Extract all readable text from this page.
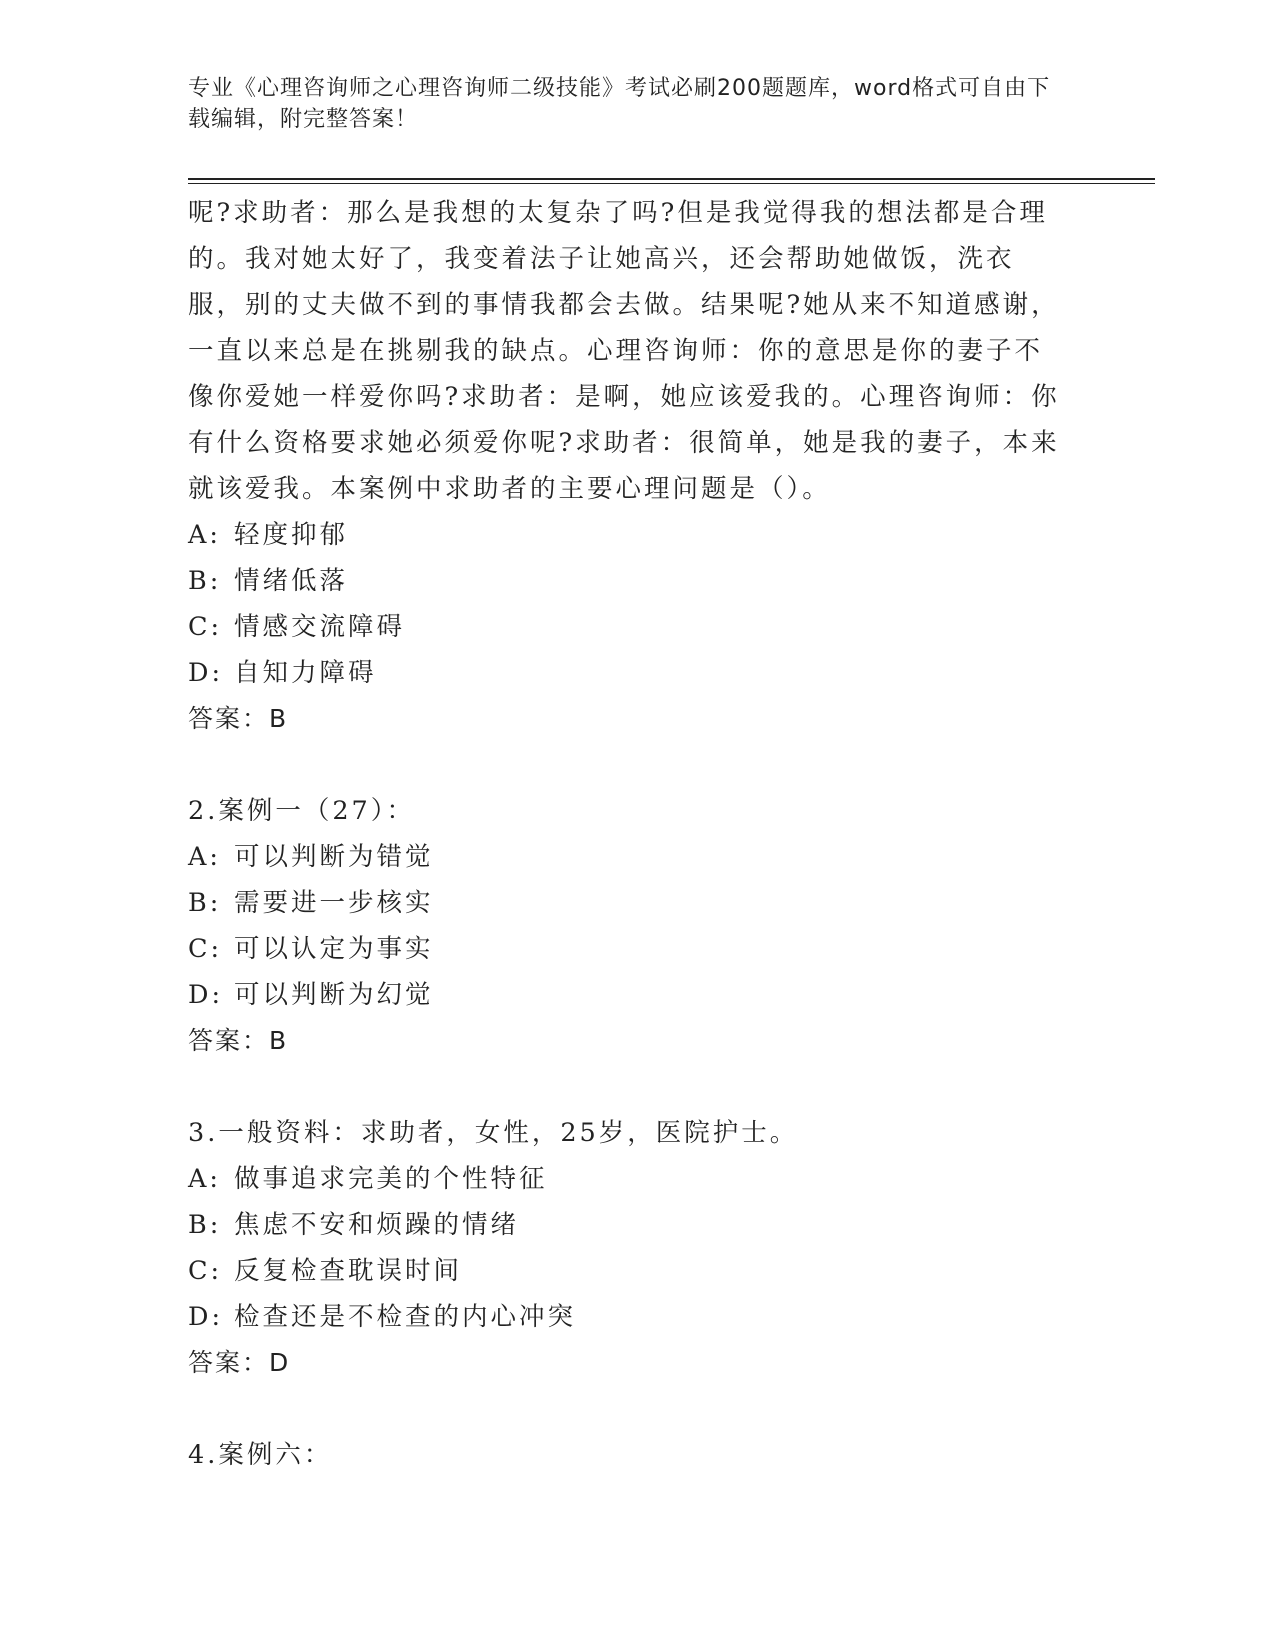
专业《心理咨询师之心理咨询师二级技能》考试必刷200题题库，word格式可自由下载编辑，附完整答案！

呢?求助者：那么是我想的太复杂了吗?但是我觉得我的想法都是合理的。我对她太好了，我变着法子让她高兴，还会帮助她做饭，洗衣服，别的丈夫做不到的事情我都会去做。结果呢?她从来不知道感谢，一直以来总是在挑剔我的缺点。心理咨询师：你的意思是你的妻子不像你爱她一样爱你吗?求助者：是啊，她应该爱我的。心理咨询师：你有什么资格要求她必须爱你呢?求助者：很简单，她是我的妻子，本来就该爱我。本案例中求助者的主要心理问题是（）。

A: 轻度抑郁
B: 情绪低落
C: 情感交流障碍
D: 自知力障碍
答案：B
2.案例一（27）：
A: 可以判断为错觉
B: 需要进一步核实
C: 可以认定为事实
D: 可以判断为幻觉
答案：B
3.一般资料：求助者，女性，25岁，医院护士。
A: 做事追求完美的个性特征
B: 焦虑不安和烦躁的情绪
C: 反复检查耽误时间
D: 检查还是不检查的内心冲突
答案：D
4.案例六：
